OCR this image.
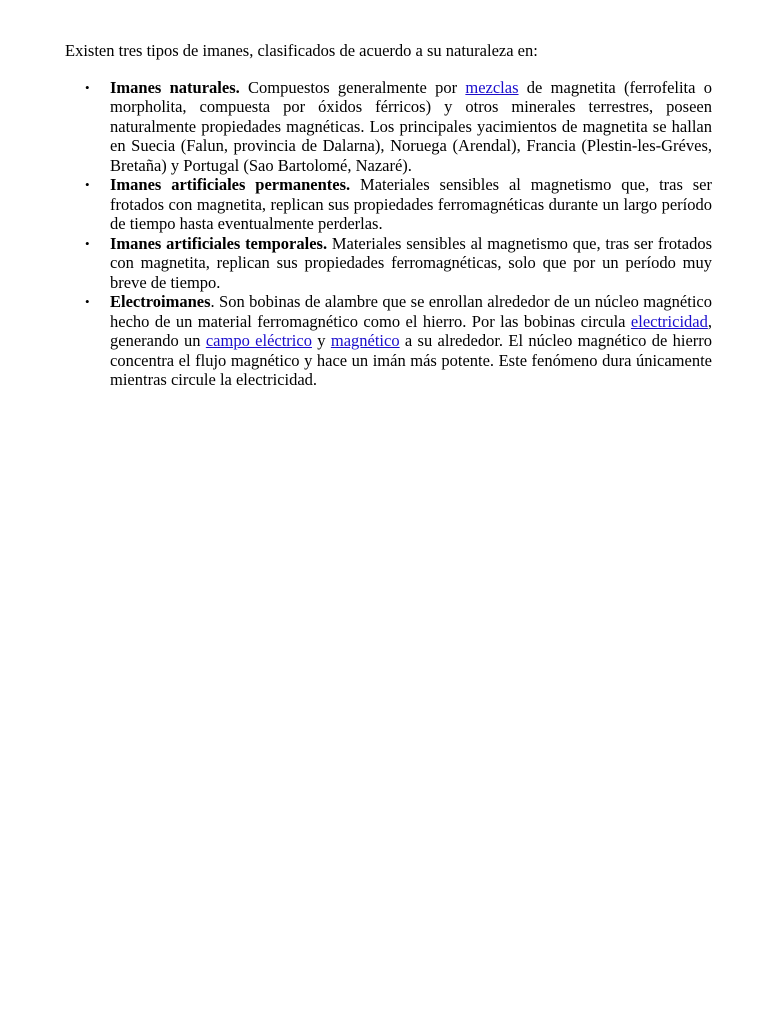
Existen tres tipos de imanes, clasificados de acuerdo a su naturaleza en:

• Imanes naturales. Compuestos generalmente por mezclas de magnetita (ferrofelita o morpholita, compuesta por óxidos férricos) y otros minerales terrestres, poseen naturalmente propiedades magnéticas. Los principales yacimientos de magnetita se hallan en Suecia (Falun, provincia de Dalarna), Noruega (Arendal), Francia (Plestin-les-Gréves, Bretaña) y Portugal (Sao Bartolomé, Nazaré).
• Imanes artificiales permanentes. Materiales sensibles al magnetismo que, tras ser frotados con magnetita, replican sus propiedades ferromagnéticas durante un largo período de tiempo hasta eventualmente perderlas.
• Imanes artificiales temporales. Materiales sensibles al magnetismo que, tras ser frotados con magnetita, replican sus propiedades ferromagnéticas, solo que por un período muy breve de tiempo.
• Electroimanes. Son bobinas de alambre que se enrollan alrededor de un núcleo magnético hecho de un material ferromagnético como el hierro. Por las bobinas circula electricidad, generando un campo eléctrico y magnético a su alrededor. El núcleo magnético de hierro concentra el flujo magnético y hace un imán más potente. Este fenómeno dura únicamente mientras circule la electricidad.
